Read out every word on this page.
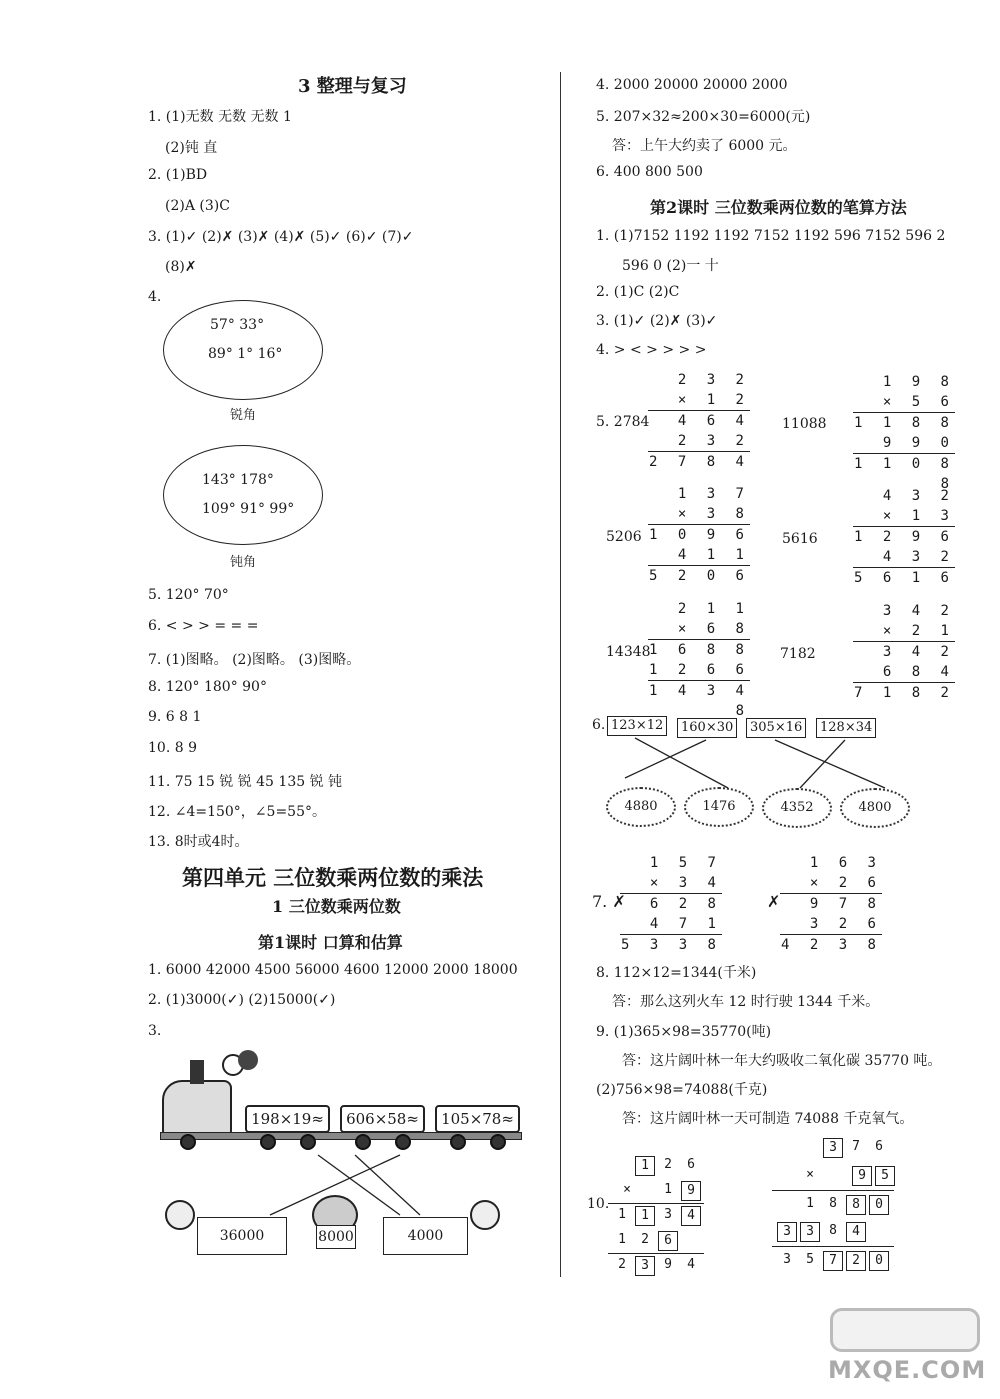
3 整理与复习
1. (1)无数 无数 无数 1
(2)钝 直
2. (1)BD
(2)A (3)C
3. (1)✓ (2)✗ (3)✗ (4)✗ (5)✓ (6)✓ (7)✓
(8)✗
4.
57° 33°
89° 1° 16°
锐角
143° 178°
109° 91° 99°
钝角
5. 120° 70°
6. < > > = = =
7. (1)图略。 (2)图略。 (3)图略。
8. 120° 180° 90°
9. 6 8 1
10. 8 9
11. 75 15 锐 锐 45 135 锐 钝
12. ∠4=150°，∠5=55°。
13. 8时或4时。
第四单元 三位数乘两位数的乘法
1 三位数乘两位数
第1课时 口算和估算
1. 6000 42000 4500 56000 4600 12000 2000 18000
2. (1)3000(✓) (2)15000(✓)
3.
198×19≈	606×58≈	105×78≈
36000	8000	4000
4. 2000 20000 20000 2000
5. 207×32≈200×30=6000(元)
答：上午大约卖了 6000 元。
6. 400 800 500
第2课时 三位数乘两位数的笔算方法
1. (1)7152 1192 1192 7152 1192 596 7152 596 2
596 0 (2)一 十
2. (1)C (2)C
3. (1)✓ (2)✗ (3)✓
4. > < > > > >
5. 2784	11088
5206	5616
14348	7182
2 3 2
× 1 2
4 6 4
2 3 2
2 7 8 4
1 9 8
× 5 6
1 1 8 8
9 9 0
1 1 0 8 8
1 3 7
× 3 8
1 0 9 6
4 1 1
5 2 0 6
4 3 2
× 1 3
1 2 9 6
4 3 2
5 6 1 6
2 1 1
× 6 8
1 6 8 8
1 2 6 6
1 4 3 4 8
3 4 2
× 2 1
3 4 2
6 8 4
7 1 8 2
6. 123×12	160×30	305×16	128×34
4880	1476	4352	4800
7. ✗	✗
1 5 7
× 3 4
6 2 8
4 7 1
5 3 3 8
1 6 3
× 2 6
9 7 8
3 2 6
4 2 3 8
8. 112×12=1344(千米)
答：那么这列火车 12 时行驶 1344 千米。
9. (1)365×98=35770(吨)
答：这片阔叶林一年大约吸收二氧化碳 35770 吨。
(2)756×98=74088(千克)
答：这片阔叶林一天可制造 74088 千克氧气。
10.
1	2	6
×	1	9
1	1	3	4
1	2	6
2	3	9	4
3	7	6
×	9	5
1	8	8	0
3	3	8	4
3	5	7	2	0
MXQE.COM
